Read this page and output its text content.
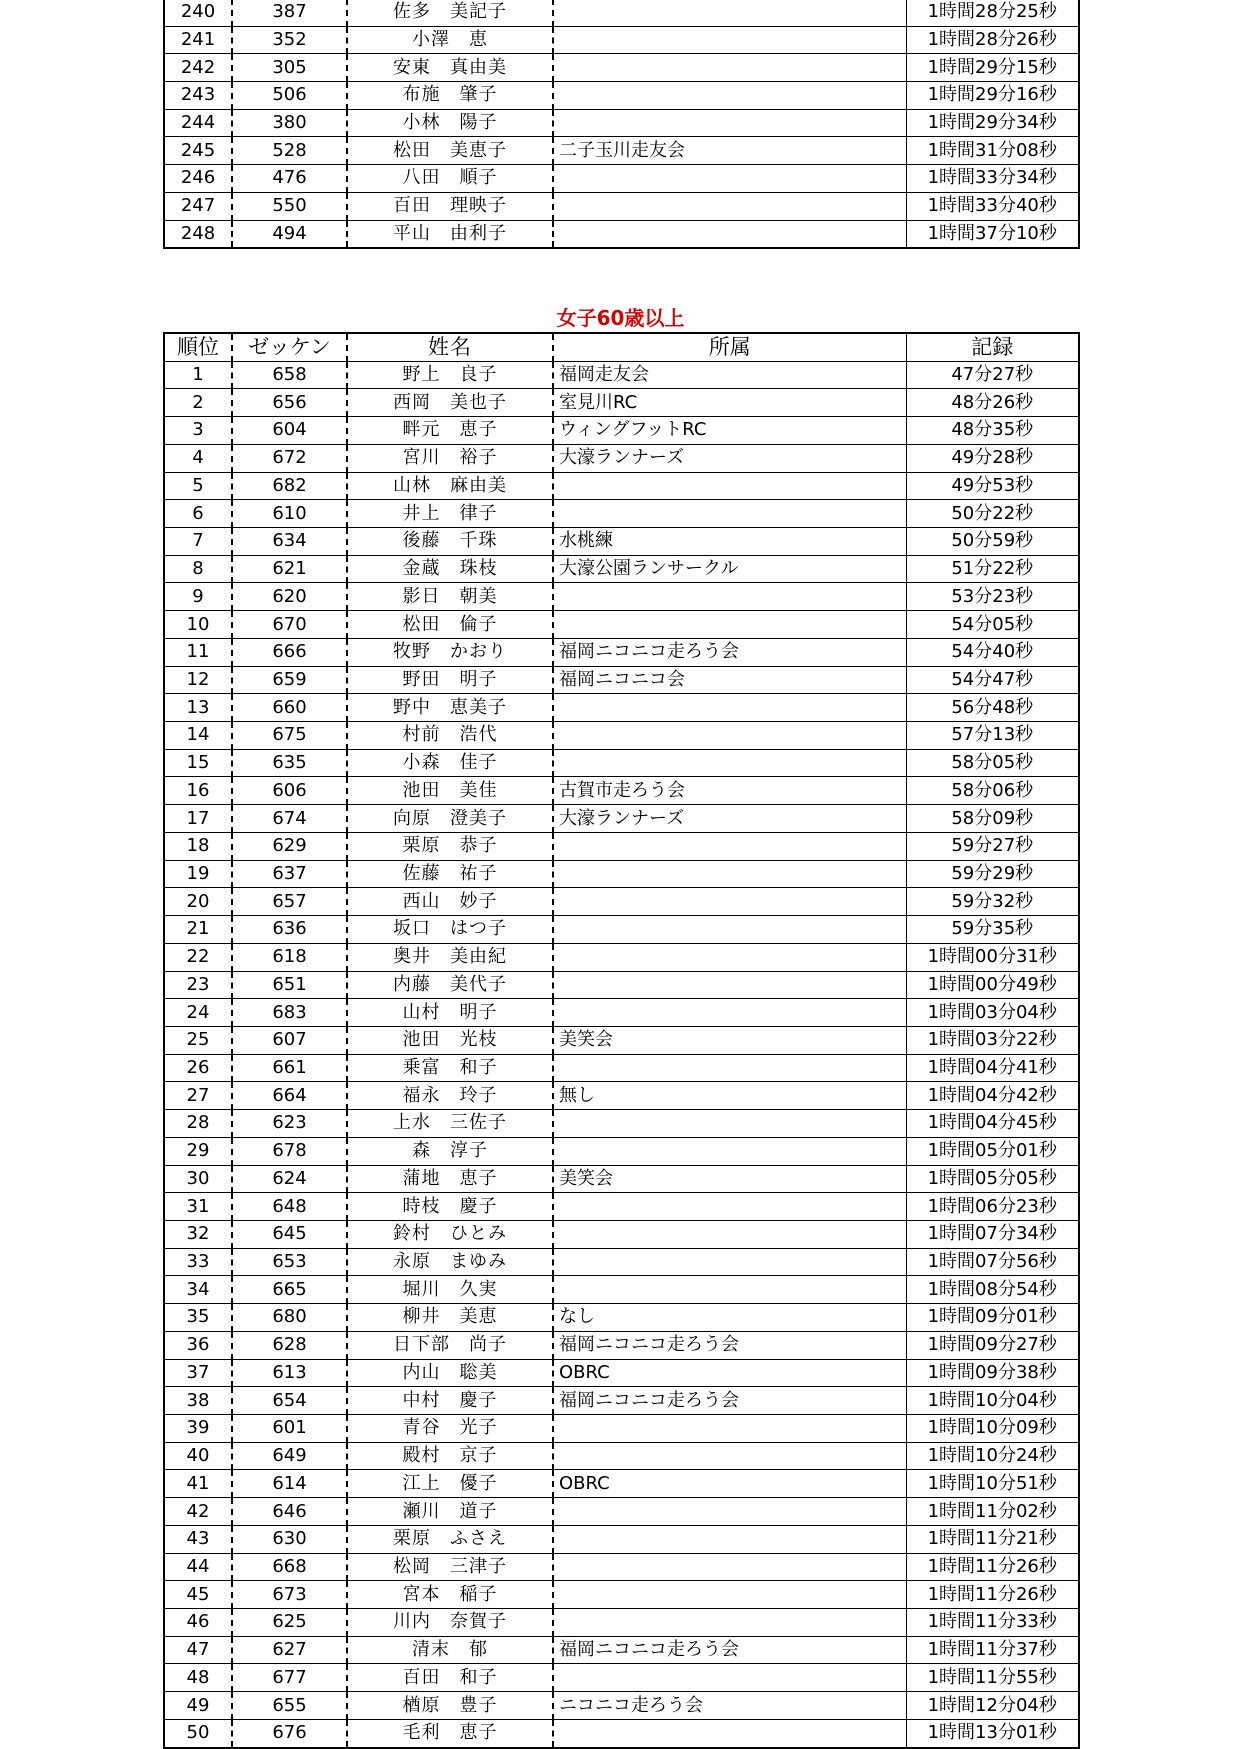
240	387	佐多　美記子		1時間28分25秒
241	352	小澤　恵		1時間28分26秒
242	305	安東　真由美		1時間29分15秒
243	506	布施　肇子		1時間29分16秒
244	380	小林　陽子		1時間29分34秒
245	528	松田　美恵子	二子玉川走友会	1時間31分08秒
246	476	八田　順子		1時間33分34秒
247	550	百田　理映子		1時間33分40秒
248	494	平山　由利子		1時間37分10秒
女子60歳以上
順位	ゼッケン	姓名	所属	記録
1	658	野上　良子	福岡走友会	47分27秒
2	656	西岡　美也子	室見川RC	48分26秒
3	604	畔元　恵子	ウィングフットRC	48分35秒
4	672	宮川　裕子	大濠ランナーズ	49分28秒
5	682	山林　麻由美		49分53秒
6	610	井上　律子		50分22秒
7	634	後藤　千珠	水桃練	50分59秒
8	621	金蔵　珠枝	大濠公園ランサークル	51分22秒
9	620	影日　朝美		53分23秒
10	670	松田　倫子		54分05秒
11	666	牧野　かおり	福岡ニコニコ走ろう会	54分40秒
12	659	野田　明子	福岡ニコニコ会	54分47秒
13	660	野中　恵美子		56分48秒
14	675	村前　浩代		57分13秒
15	635	小森　佳子		58分05秒
16	606	池田　美佳	古賀市走ろう会	58分06秒
17	674	向原　澄美子	大濠ランナーズ	58分09秒
18	629	栗原　恭子		59分27秒
19	637	佐藤　祐子		59分29秒
20	657	西山　妙子		59分32秒
21	636	坂口　はつ子		59分35秒
22	618	奥井　美由紀		1時間00分31秒
23	651	内藤　美代子		1時間00分49秒
24	683	山村　明子		1時間03分04秒
25	607	池田　光枝	美笑会	1時間03分22秒
26	661	乗富　和子		1時間04分41秒
27	664	福永　玲子	無し	1時間04分42秒
28	623	上水　三佐子		1時間04分45秒
29	678	森　淳子		1時間05分01秒
30	624	蒲地　恵子	美笑会	1時間05分05秒
31	648	時枝　慶子		1時間06分23秒
32	645	鈴村　ひとみ		1時間07分34秒
33	653	永原　まゆみ		1時間07分56秒
34	665	堀川　久実		1時間08分54秒
35	680	柳井　美恵	なし	1時間09分01秒
36	628	日下部　尚子	福岡ニコニコ走ろう会	1時間09分27秒
37	613	内山　聡美	OBRC	1時間09分38秒
38	654	中村　慶子	福岡ニコニコ走ろう会	1時間10分04秒
39	601	青谷　光子		1時間10分09秒
40	649	殿村　京子		1時間10分24秒
41	614	江上　優子	OBRC	1時間10分51秒
42	646	瀬川　道子		1時間11分02秒
43	630	栗原　ふさえ		1時間11分21秒
44	668	松岡　三津子		1時間11分26秒
45	673	宮本　稲子		1時間11分26秒
46	625	川内　奈賀子		1時間11分33秒
47	627	清末　郁	福岡ニコニコ走ろう会	1時間11分37秒
48	677	百田　和子		1時間11分55秒
49	655	楢原　豊子	ニコニコ走ろう会	1時間12分04秒
50	676	毛利　恵子		1時間13分01秒
